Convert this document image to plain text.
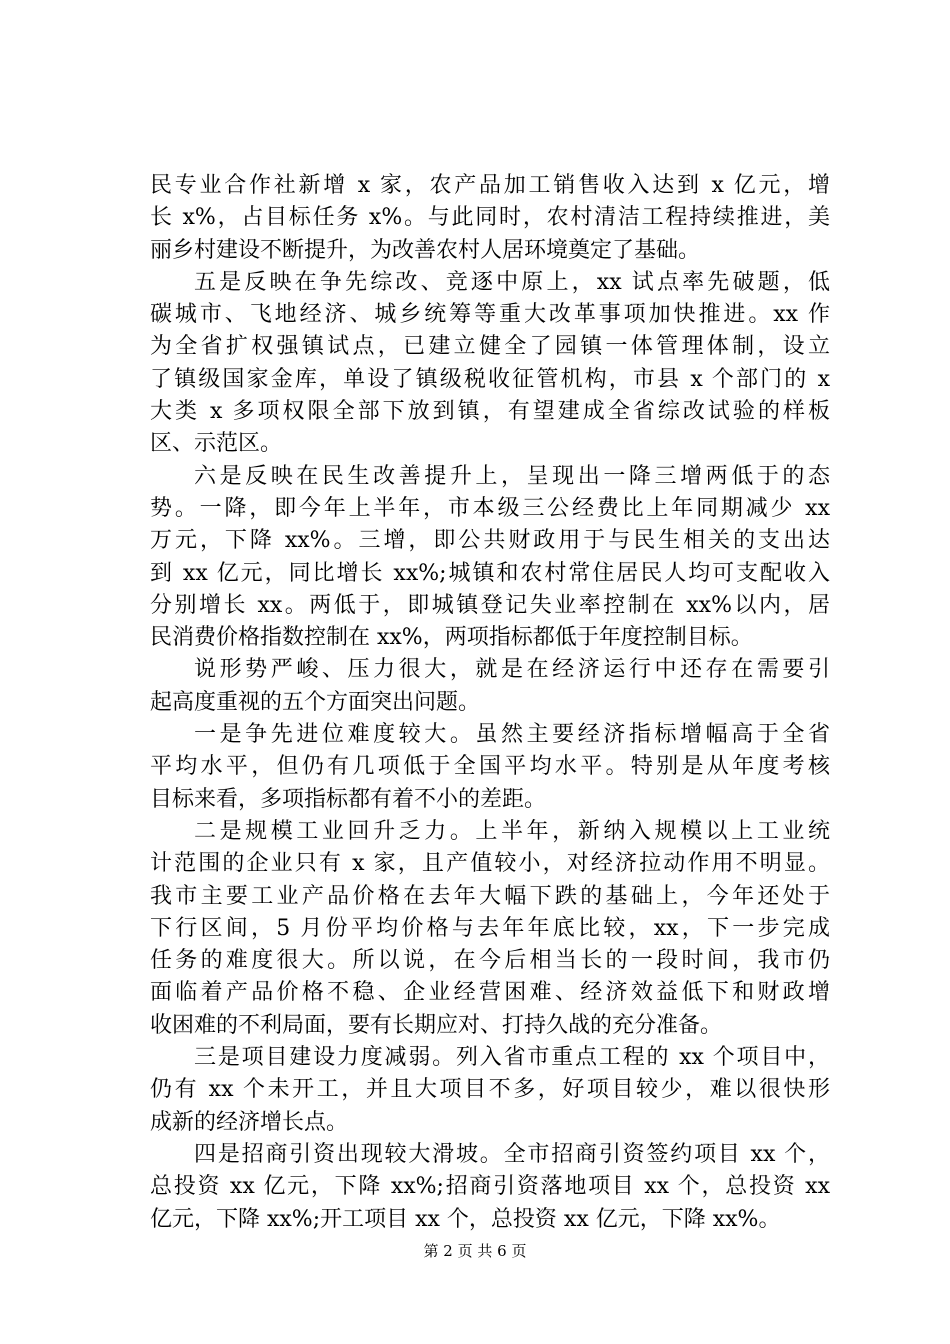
民专业合作社新增 x 家，农产品加工销售收入达到 x 亿元，增
长 x%，占目标任务 x%。与此同时，农村清洁工程持续推进，美
丽乡村建设不断提升，为改善农村人居环境奠定了基础。
五是反映在争先综改、竞逐中原上，xx 试点率先破题，低
碳城市、飞地经济、城乡统筹等重大改革事项加快推进。xx 作
为全省扩权强镇试点，已建立健全了园镇一体管理体制，设立
了镇级国家金库，单设了镇级税收征管机构，市县 x 个部门的 x
大类 x 多项权限全部下放到镇，有望建成全省综改试验的样板
区、示范区。
六是反映在民生改善提升上，呈现出一降三增两低于的态
势。一降，即今年上半年，市本级三公经费比上年同期减少 xx
万元，下降 xx%。三增，即公共财政用于与民生相关的支出达
到 xx 亿元，同比增长 xx%;城镇和农村常住居民人均可支配收入
分别增长 xx。两低于，即城镇登记失业率控制在 xx%以内，居
民消费价格指数控制在 xx%，两项指标都低于年度控制目标。
说形势严峻、压力很大，就是在经济运行中还存在需要引
起高度重视的五个方面突出问题。
一是争先进位难度较大。虽然主要经济指标增幅高于全省
平均水平，但仍有几项低于全国平均水平。特别是从年度考核
目标来看，多项指标都有着不小的差距。
二是规模工业回升乏力。上半年，新纳入规模以上工业统
计范围的企业只有 x 家，且产值较小，对经济拉动作用不明显。
我市主要工业产品价格在去年大幅下跌的基础上，今年还处于
下行区间，5 月份平均价格与去年年底比较，xx，下一步完成
任务的难度很大。所以说，在今后相当长的一段时间，我市仍
面临着产品价格不稳、企业经营困难、经济效益低下和财政增
收困难的不利局面，要有长期应对、打持久战的充分准备。
三是项目建设力度减弱。列入省市重点工程的 xx 个项目中，
仍有 xx 个未开工，并且大项目不多，好项目较少，难以很快形
成新的经济增长点。
四是招商引资出现较大滑坡。全市招商引资签约项目 xx 个，
总投资 xx 亿元，下降 xx%;招商引资落地项目 xx 个，总投资 xx
亿元，下降 xx%;开工项目 xx 个，总投资 xx 亿元，下降 xx%。
第 2 页 共 6 页
